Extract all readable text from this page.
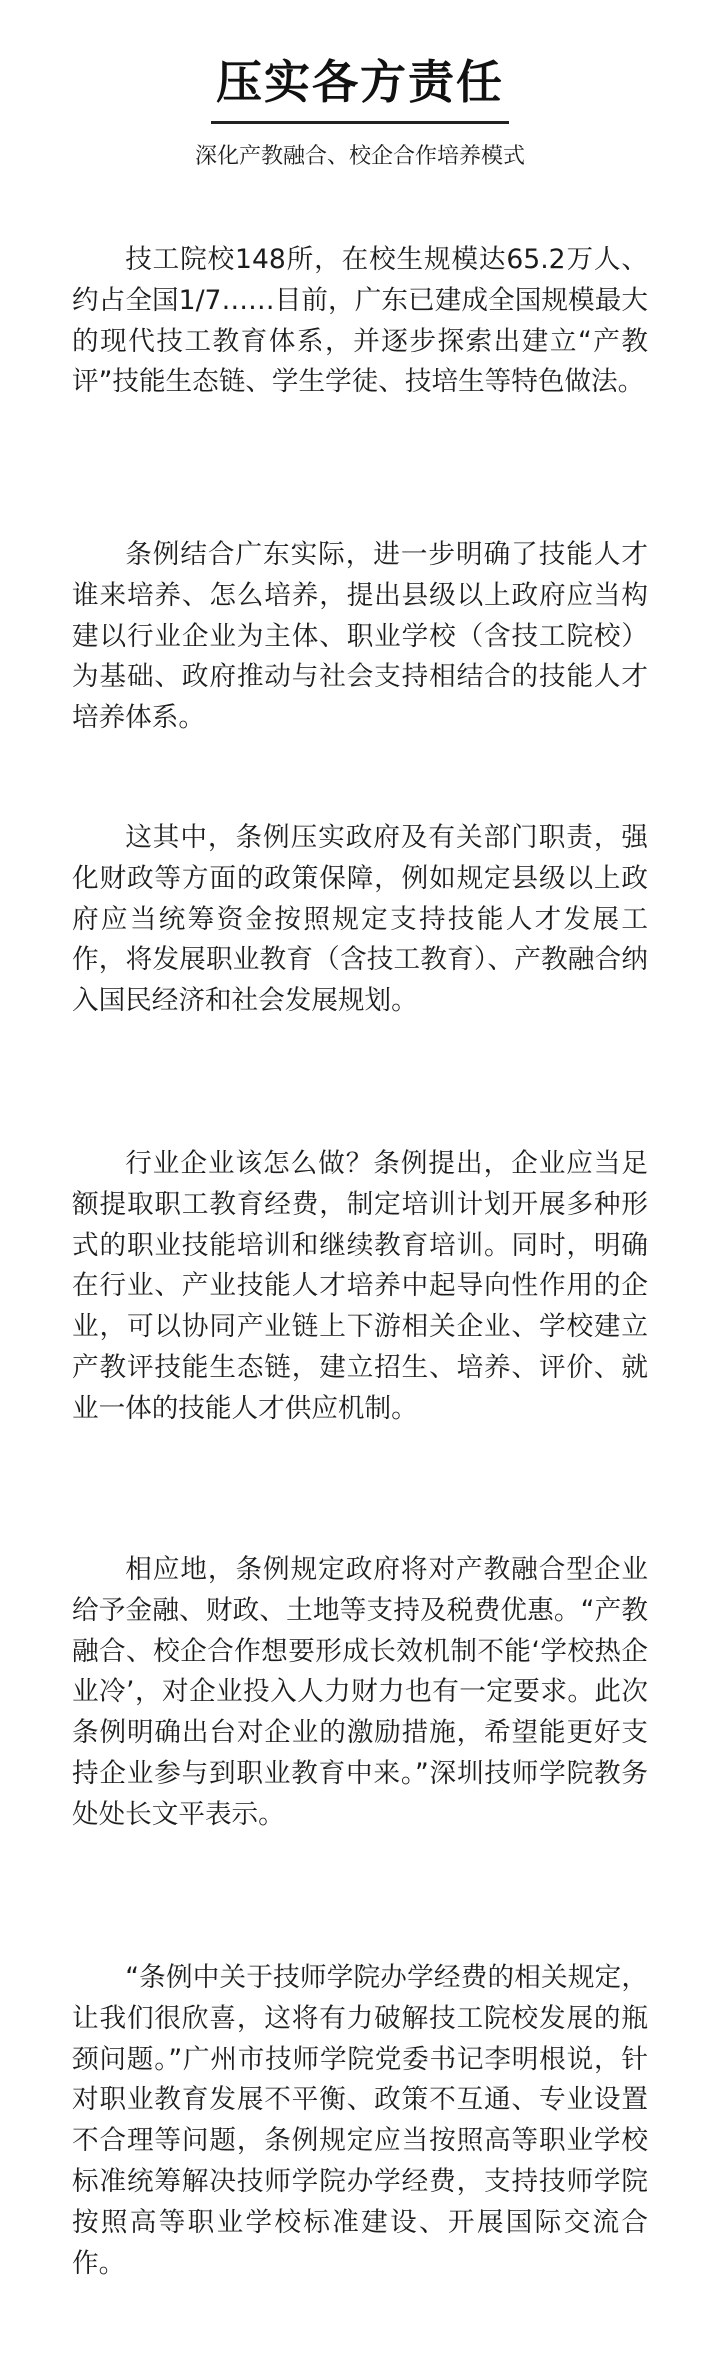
压实各方责任
深化产教融合、校企合作培养模式

技工院校148所，在校生规模达65.2万人、约占全国1/7……目前，广东已建成全国规模最大的现代技工教育体系，并逐步探索出建立“产教评”技能生态链、学生学徒、技培生等特色做法。

条例结合广东实际，进一步明确了技能人才谁来培养、怎么培养，提出县级以上政府应当构建以行业企业为主体、职业学校（含技工院校）为基础、政府推动与社会支持相结合的技能人才培养体系。

这其中，条例压实政府及有关部门职责，强化财政等方面的政策保障，例如规定县级以上政府应当统筹资金按照规定支持技能人才发展工作，将发展职业教育（含技工教育）、产教融合纳入国民经济和社会发展规划。

行业企业该怎么做？条例提出，企业应当足额提取职工教育经费，制定培训计划开展多种形式的职业技能培训和继续教育培训。同时，明确在行业、产业技能人才培养中起导向性作用的企业，可以协同产业链上下游相关企业、学校建立产教评技能生态链，建立招生、培养、评价、就业一体的技能人才供应机制。

相应地，条例规定政府将对产教融合型企业给予金融、财政、土地等支持及税费优惠。“产教融合、校企合作想要形成长效机制不能‘学校热企业冷’，对企业投入人力财力也有一定要求。此次条例明确出台对企业的激励措施，希望能更好支持企业参与到职业教育中来。”深圳技师学院教务处处长文平表示。

“条例中关于技师学院办学经费的相关规定，让我们很欣喜，这将有力破解技工院校发展的瓶颈问题。”广州市技师学院党委书记李明根说，针对职业教育发展不平衡、政策不互通、专业设置不合理等问题，条例规定应当按照高等职业学校标准统筹解决技师学院办学经费，支持技师学院按照高等职业学校标准建设、开展国际交流合作。
